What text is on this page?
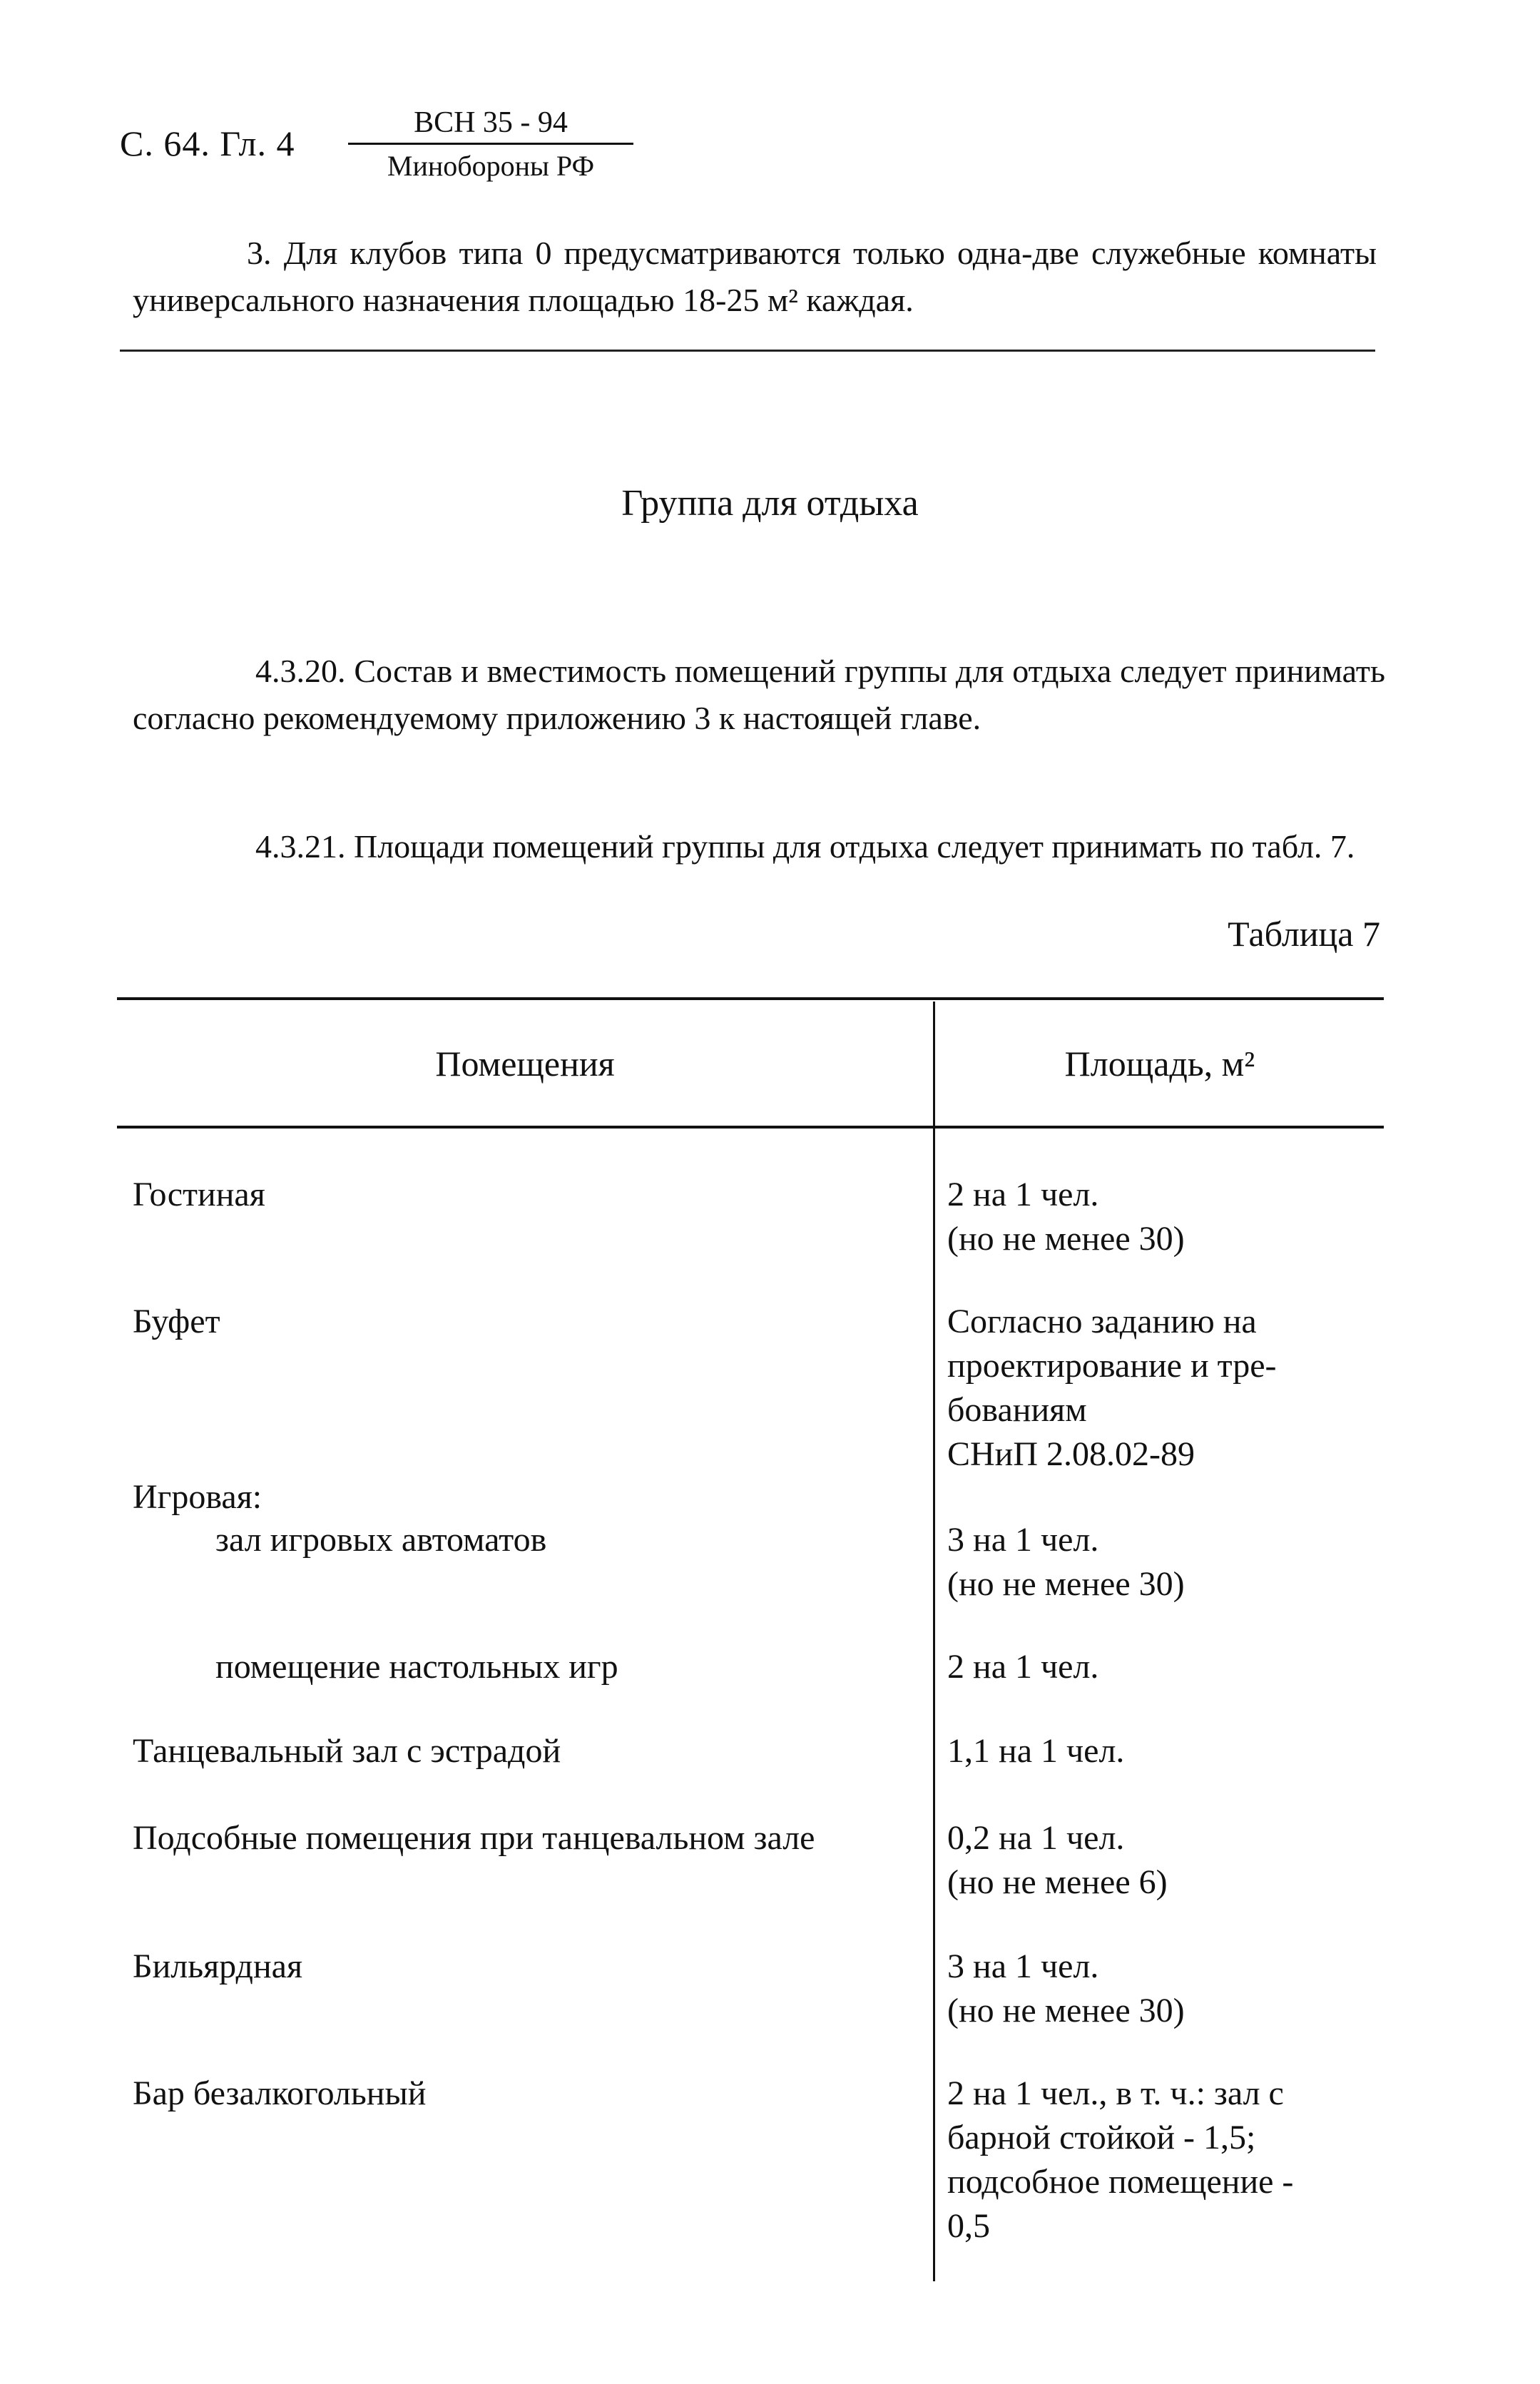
С. 64. Гл. 4
ВСН 35 - 94
Минобороны РФ
3. Для клубов типа 0 предусматриваются только одна-две служебные комнаты универсального назначения площадью 18-25 м² каждая.
Группа для отдыха
4.3.20. Состав и вместимость помещений группы для отдыха следует принимать согласно рекомендуемому приложению 3 к настоящей главе.
4.3.21. Площади помещений группы для отдыха следует принимать по табл. 7.
Таблица 7
Помещения	Площадь, м²
Гостиная	2 на 1 чел.
(но не менее 30)
Буфет	Согласно заданию на
проектирование и тре-
бованиям
СНиП 2.08.02-89
Игровая:
зал игровых автоматов	3 на 1 чел.
(но не менее 30)
помещение настольных игр	2 на 1 чел.
Танцевальный зал с эстрадой	1,1 на 1 чел.
Подсобные помещения при танцевальном зале	0,2 на 1 чел.
(но не менее 6)
Бильярдная	3 на 1 чел.
(но не менее 30)
Бар безалкогольный	2 на 1 чел., в т. ч.: зал с
барной стойкой - 1,5;
подсобное помещение -
0,5
